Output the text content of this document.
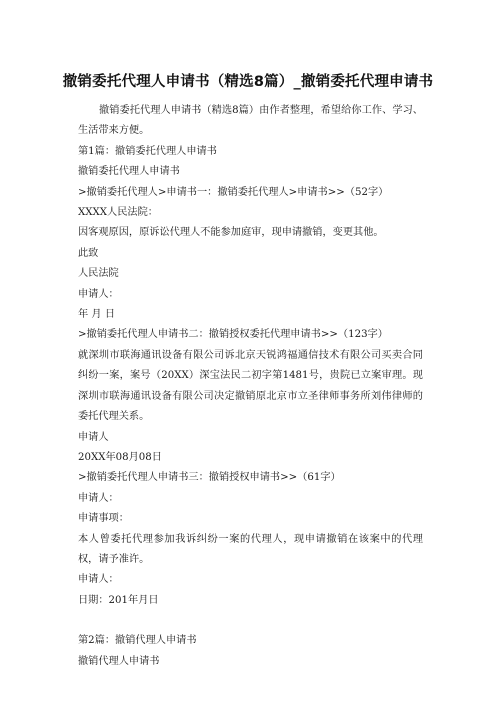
撤销委托代理人申请书（精选8篇）_撤销委托代理申请书

撤销委托代理人申请书（精选8篇）由作者整理，希望给你工作、学习、生活带来方便。

第1篇：撤销委托代理人申请书

撤销委托代理人申请书

>撤销委托代理人>申请书一：撤销委托代理人>申请书>>（52字）

XXXX人民法院：

因客观原因，原诉讼代理人不能参加庭审，现申请撤销，变更其他。

此致

人民法院

申请人：

年 月 日

>撤销委托代理人申请书二：撤销授权委托代理申请书>>（123字）

就深圳市联海通讯设备有限公司诉北京天锐鸿福通信技术有限公司买卖合同纠纷一案，案号（20XX）深宝法民二初字第1481号，贵院已立案审理。现深圳市联海通讯设备有限公司决定撤销原北京市立圣律师事务所刘伟律师的委托代理关系。

申请人

20XX年08月08日

>撤销委托代理人申请书三：撤销授权申请书>>（61字）

申请人：

申请事项：

本人曾委托代理参加我诉纠纷一案的代理人，现申请撤销在该案中的代理权，请予准许。

申请人：

日期：201年月日

第2篇：撤销代理人申请书

撤销代理人申请书
